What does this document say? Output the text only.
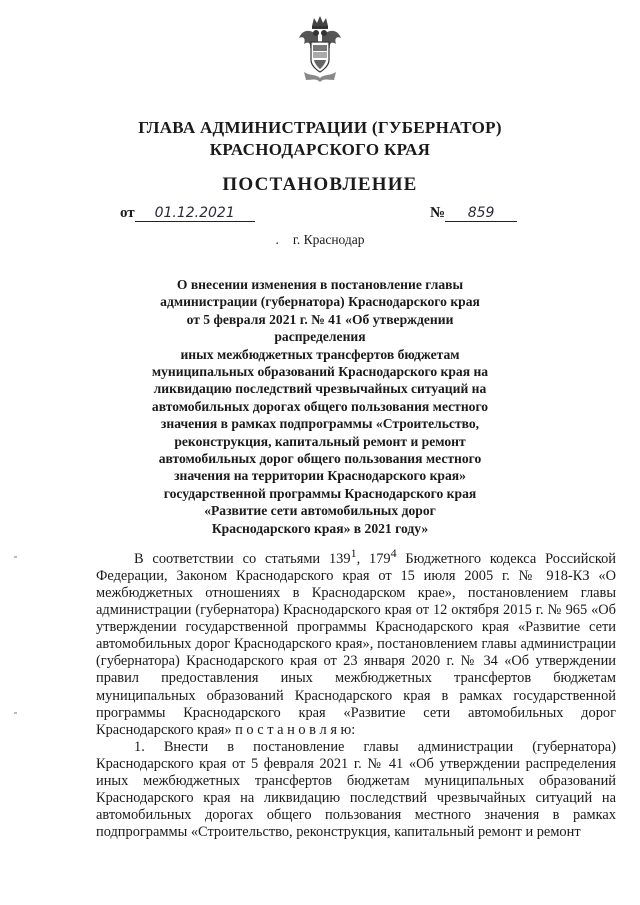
ГЛАВА АДМИНИСТРАЦИИ (ГУБЕРНАТОР)
КРАСНОДАРСКОГО КРАЯ
ПОСТАНОВЛЕНИЕ
от 01.12.2021	№ 859
. г. Краснодар
О внесении изменения в постановление главы
администрации (губернатора) Краснодарского края
от 5 февраля 2021 г. № 41 «Об утверждении распределения
иных межбюджетных трансфертов бюджетам
муниципальных образований Краснодарского края на
ликвидацию последствий чрезвычайных ситуаций на
автомобильных дорогах общего пользования местного
значения в рамках подпрограммы «Строительство,
реконструкция, капитальный ремонт и ремонт
автомобильных дорог общего пользования местного
значения на территории Краснодарского края»
государственной программы Краснодарского края
«Развитие сети автомобильных дорог
Краснодарского края» в 2021 году»

В соответствии со статьями $139^1$, $179^4$ Бюджетного кодекса Российской Федерации, Законом Краснодарского края от 15 июля 2005 г. № 918-КЗ «О межбюджетных отношениях в Краснодарском крае», постановлением главы администрации (губернатора) Краснодарского края от 12 октября 2015 г. № 965 «Об утверждении государственной программы Краснодарского края «Развитие сети автомобильных дорог Краснодарского края», постановлением главы администрации (губернатора) Краснодарского края от 23 января 2020 г. № 34 «Об утверждении правил предоставления иных межбюджетных трансфертов бюджетам муниципальных образований Краснодарского края в рамках государственной программы Краснодарского края «Развитие сети автомобильных дорог Краснодарского края» п о с т а н о в л я ю:

1. Внести в постановление главы администрации (губернатора) Краснодарского края от 5 февраля 2021 г. № 41 «Об утверждении распределения иных межбюджетных трансфертов бюджетам муниципальных образований Краснодарского края на ликвидацию последствий чрезвычайных ситуаций на автомобильных дорогах общего пользования местного значения в рамках подпрограммы «Строительство, реконструкция, капитальный ремонт и ремонт
